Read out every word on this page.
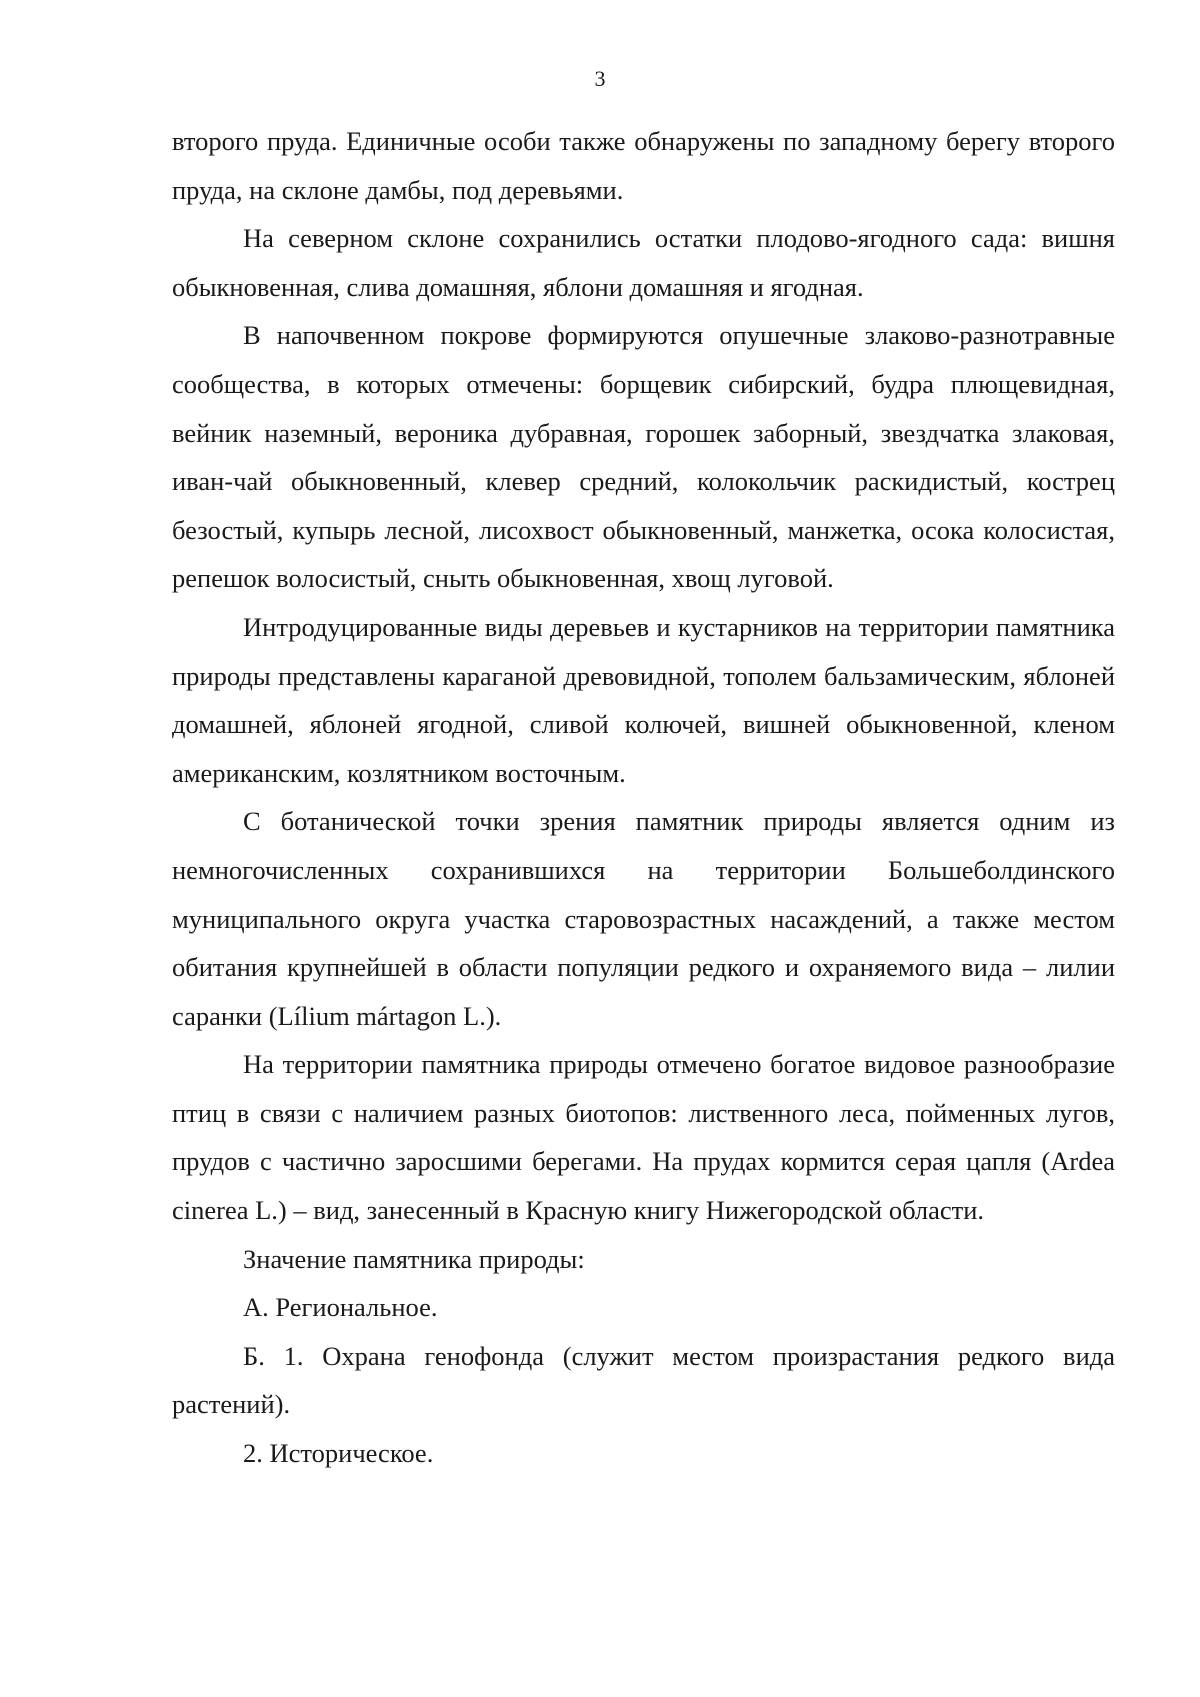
3

второго пруда. Единичные особи также обнаружены по западному берегу второго пруда, на склоне дамбы, под деревьями.

На северном склоне сохранились остатки плодово-ягодного сада: вишня обыкновенная, слива домашняя, яблони домашняя и ягодная.

В напочвенном покрове формируются опушечные злаково-разнотравные сообщества, в которых отмечены: борщевик сибирский, будра плющевидная, вейник наземный, вероника дубравная, горошек заборный, звездчатка злаковая, иван-чай обыкновенный, клевер средний, колокольчик раскидистый, кострец безостый, купырь лесной, лисохвост обыкновенный, манжетка, осока колосистая, репешок волосистый, сныть обыкновенная, хвощ луговой.

Интродуцированные виды деревьев и кустарников на территории памятника природы представлены караганой древовидной, тополем бальзамическим, яблоней домашней, яблоней ягодной, сливой колючей, вишней обыкновенной, кленом американским, козлятником восточным.

С ботанической точки зрения памятник природы является одним из немногочисленных сохранившихся на территории Большеболдинского муниципального округа участка старовозрастных насаждений, а также местом обитания крупнейшей в области популяции редкого и охраняемого вида – лилии саранки (Lílium mártagon L.).

На территории памятника природы отмечено богатое видовое разнообразие птиц в связи с наличием разных биотопов: лиственного леса, пойменных лугов, прудов с частично заросшими берегами. На прудах кормится серая цапля (Ardea cinerea L.) – вид, занесенный в Красную книгу Нижегородской области.

Значение памятника природы:

А. Региональное.

Б. 1. Охрана генофонда (служит местом произрастания редкого вида растений).

2. Историческое.
